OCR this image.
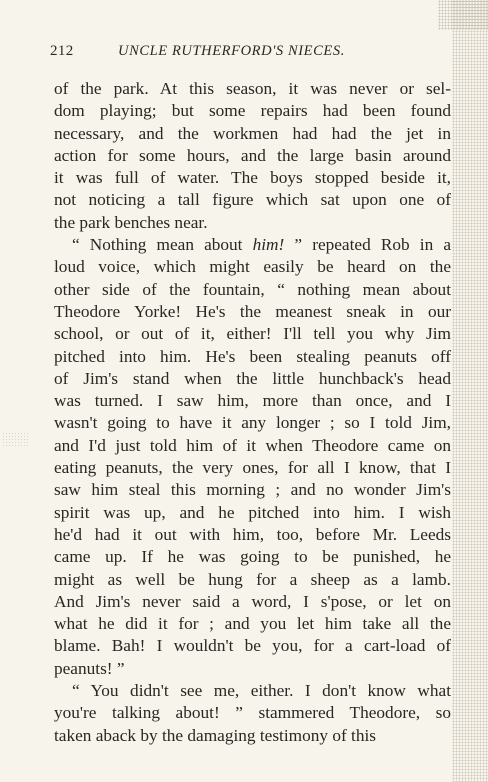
212	UNCLE RUTHERFORD'S NIECES.
of the park. At this season, it was never or sel-
dom playing; but some repairs had been found
necessary, and the workmen had had the jet in
action for some hours, and the large basin around
it was full of water. The boys stopped beside it,
not noticing a tall figure which sat upon one of
the park benches near.
“ Nothing mean about him! ” repeated Rob in a
loud voice, which might easily be heard on the
other side of the fountain, “ nothing mean about
Theodore Yorke! He's the meanest sneak in our
school, or out of it, either! I'll tell you why Jim
pitched into him. He's been stealing peanuts off
of Jim's stand when the little hunchback's head
was turned. I saw him, more than once, and I
wasn't going to have it any longer ; so I told Jim,
and I'd just told him of it when Theodore came on
eating peanuts, the very ones, for all I know, that I
saw him steal this morning ; and no wonder Jim's
spirit was up, and he pitched into him. I wish
he'd had it out with him, too, before Mr. Leeds
came up. If he was going to be punished, he
might as well be hung for a sheep as a lamb.
And Jim's never said a word, I s'pose, or let on
what he did it for ; and you let him take all the
blame. Bah! I wouldn't be you, for a cart-load of
peanuts! ”
“ You didn't see me, either. I don't know what
you're talking about! ” stammered Theodore, so
taken aback by the damaging testimony of this
